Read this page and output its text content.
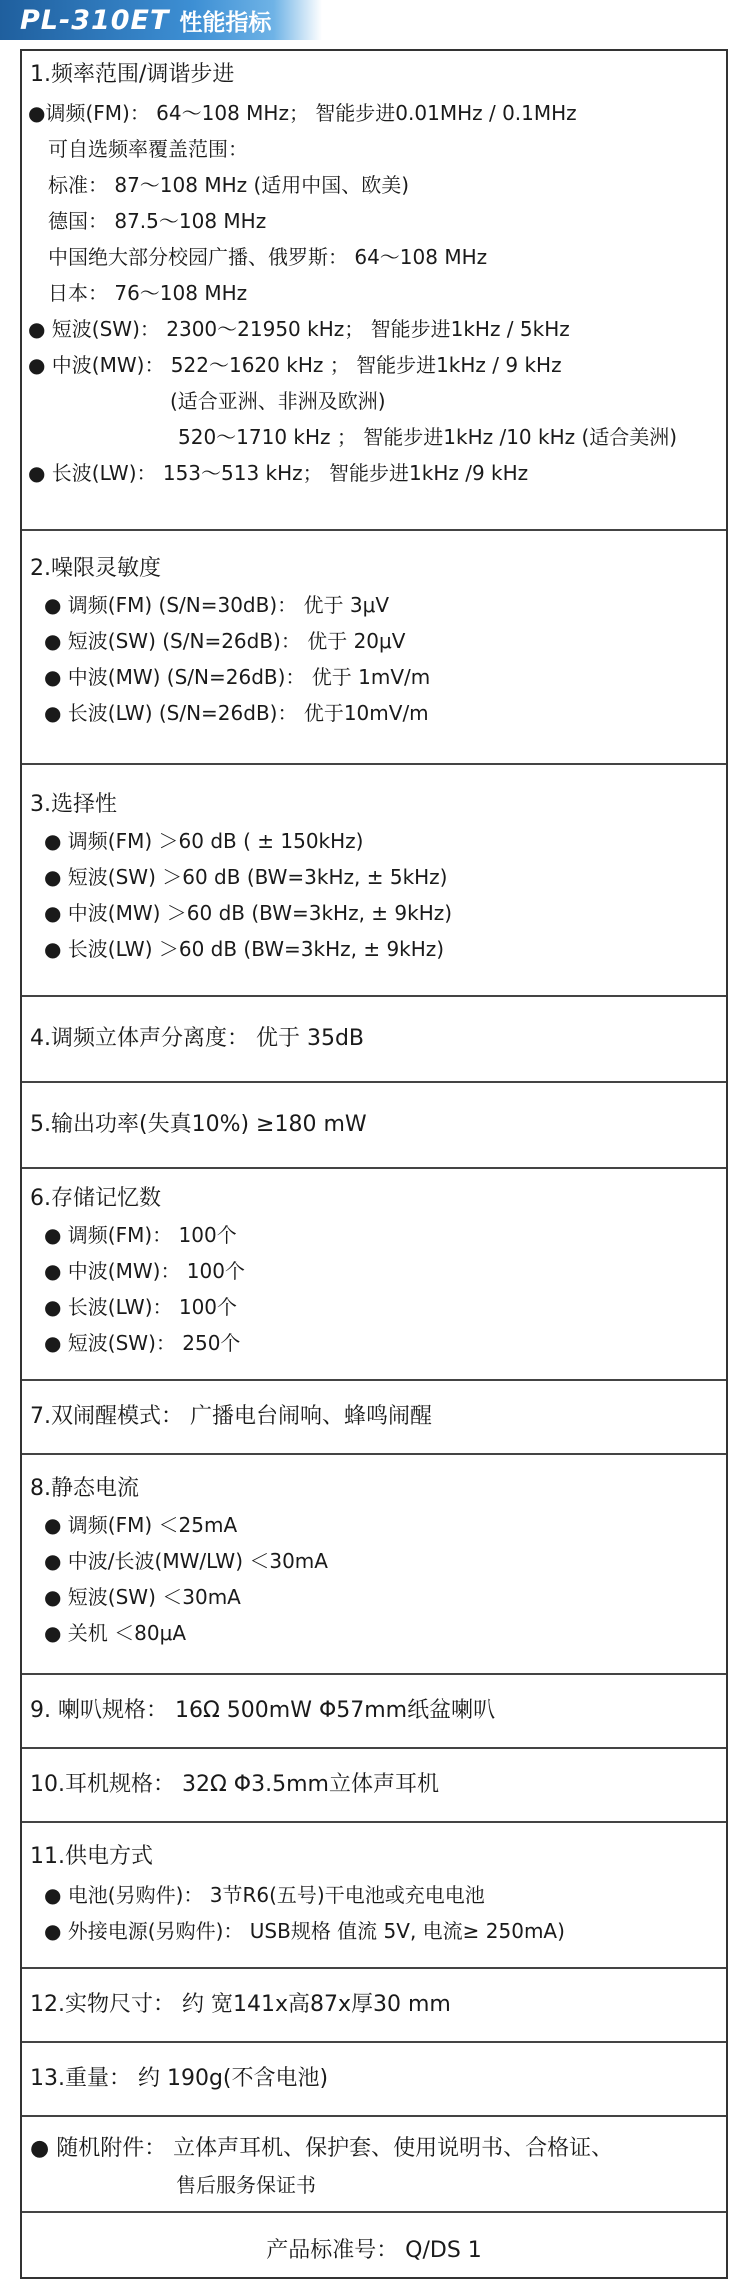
PL-310ET 性能指标
1.频率范围/调谐步进
●调频(FM)： 64～108 MHz； 智能步进0.01MHz / 0.1MHz
可自选频率覆盖范围：
标准： 87～108 MHz (适用中国、欧美)
德国： 87.5～108 MHz
中国绝大部分校园广播、俄罗斯： 64～108 MHz
日本： 76～108 MHz
● 短波(SW)： 2300～21950 kHz； 智能步进1kHz / 5kHz
● 中波(MW)： 522～1620 kHz ； 智能步进1kHz / 9 kHz
(适合亚洲、非洲及欧洲)
520～1710 kHz ； 智能步进1kHz /10 kHz (适合美洲)
● 长波(LW)： 153～513 kHz； 智能步进1kHz /9 kHz
2.噪限灵敏度
● 调频(FM) (S/N=30dB)： 优于 3μV
● 短波(SW) (S/N=26dB)： 优于 20μV
● 中波(MW) (S/N=26dB)： 优于 1mV/m
● 长波(LW) (S/N=26dB)： 优于10mV/m
3.选择性
● 调频(FM) ＞60 dB ( ± 150kHz)
● 短波(SW) ＞60 dB (BW=3kHz, ± 5kHz)
● 中波(MW) ＞60 dB (BW=3kHz, ± 9kHz)
● 长波(LW) ＞60 dB (BW=3kHz, ± 9kHz)
4.调频立体声分离度： 优于 35dB
5.输出功率(失真10%) ≥180 mW
6.存储记忆数
● 调频(FM)： 100个
● 中波(MW)： 100个
● 长波(LW)： 100个
● 短波(SW)： 250个
7.双闹醒模式： 广播电台闹响、蜂鸣闹醒
8.静态电流
● 调频(FM) ＜25mA
● 中波/长波(MW/LW) ＜30mA
● 短波(SW) ＜30mA
● 关机 ＜80μA
9. 喇叭规格： 16Ω 500mW Φ57mm纸盆喇叭
10.耳机规格： 32Ω Φ3.5mm立体声耳机
11.供电方式
● 电池(另购件)： 3节R6(五号)干电池或充电电池
● 外接电源(另购件)： USB规格 值流 5V, 电流≥ 250mA)
12.实物尺寸： 约 宽141x高87x厚30 mm
13.重量： 约 190g(不含电池)
● 随机附件： 立体声耳机、保护套、使用说明书、合格证、
售后服务保证书
产品标准号： Q/DS 1
